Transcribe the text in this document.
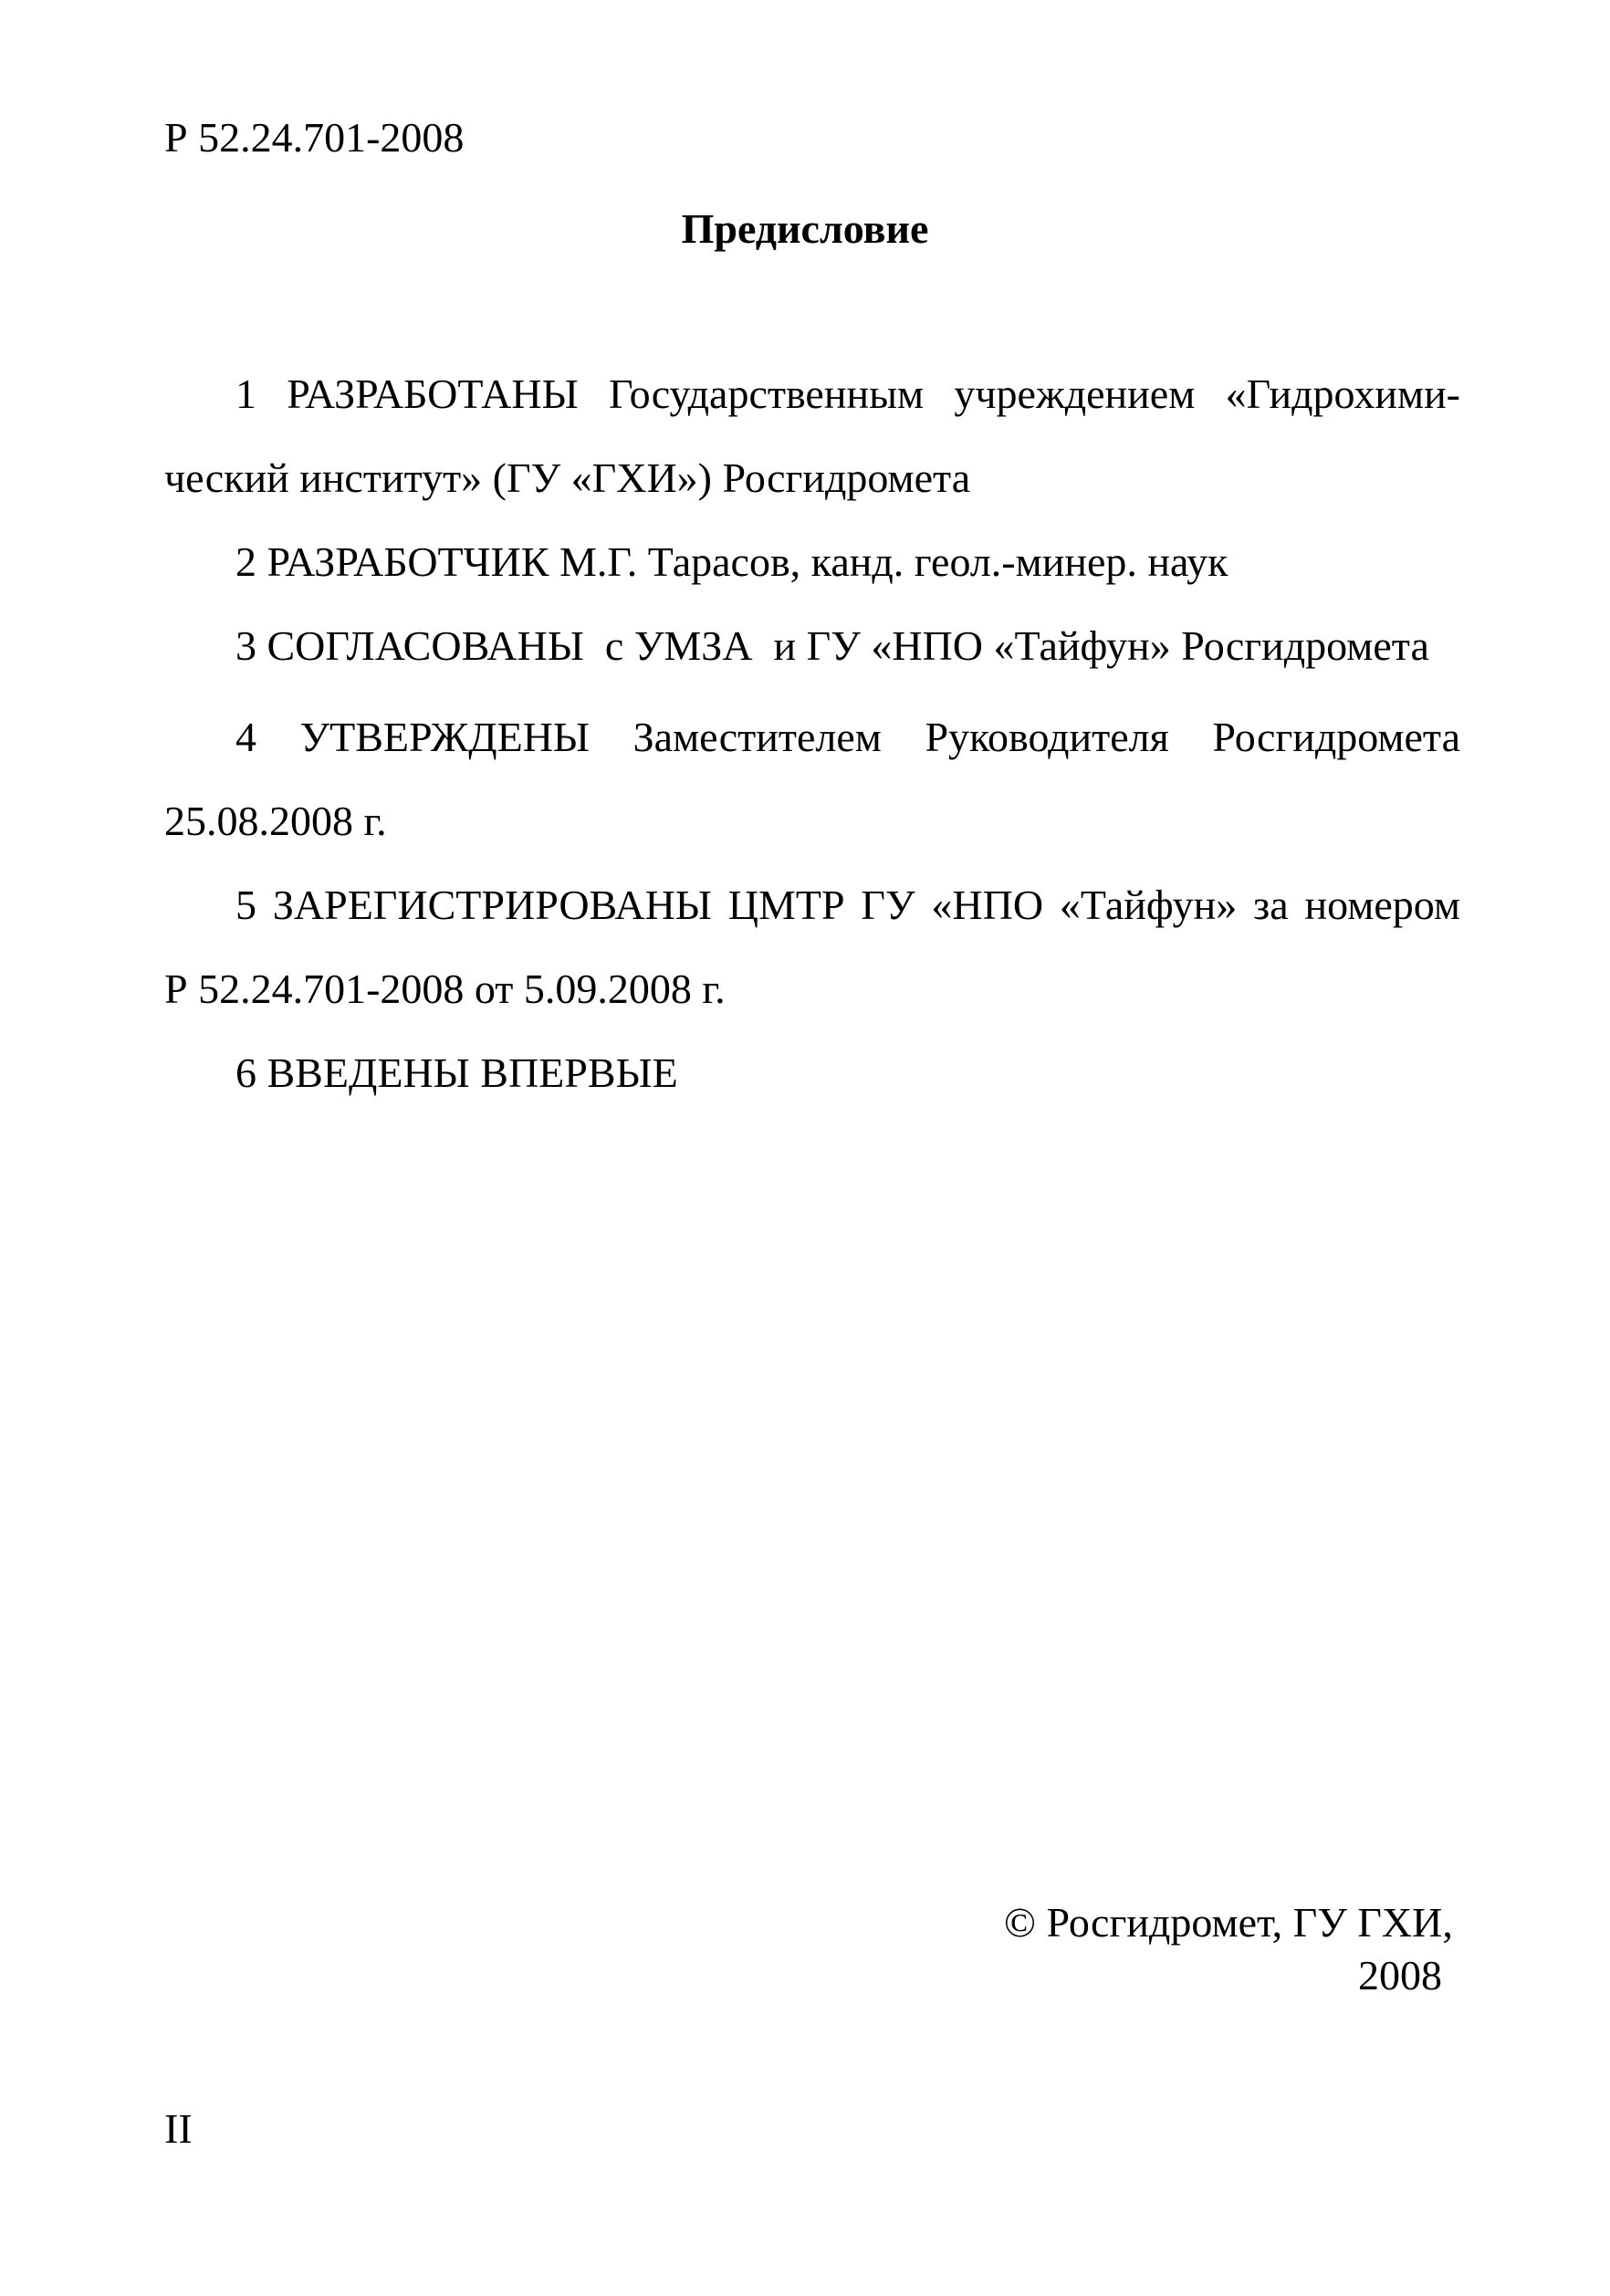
Р 52.24.701-2008
Предисловие
1 РАЗРАБОТАНЫ Государственным учреждением «Гидрохими-
ческий институт» (ГУ «ГХИ») Росгидромета
2 РАЗРАБОТЧИК М.Г. Тарасов, канд. геол.-минер. наук
3 СОГЛАСОВАНЫ  с УМЗА  и ГУ «НПО «Тайфун» Росгидромета
4 УТВЕРЖДЕНЫ Заместителем Руководителя Росгидромета
25.08.2008 г.
5 ЗАРЕГИСТРИРОВАНЫ ЦМТР ГУ «НПО «Тайфун» за номером
Р 52.24.701-2008 от 5.09.2008 г.
6 ВВЕДЕНЫ ВПЕРВЫЕ
© Росгидромет, ГУ ГХИ,
2008
II
